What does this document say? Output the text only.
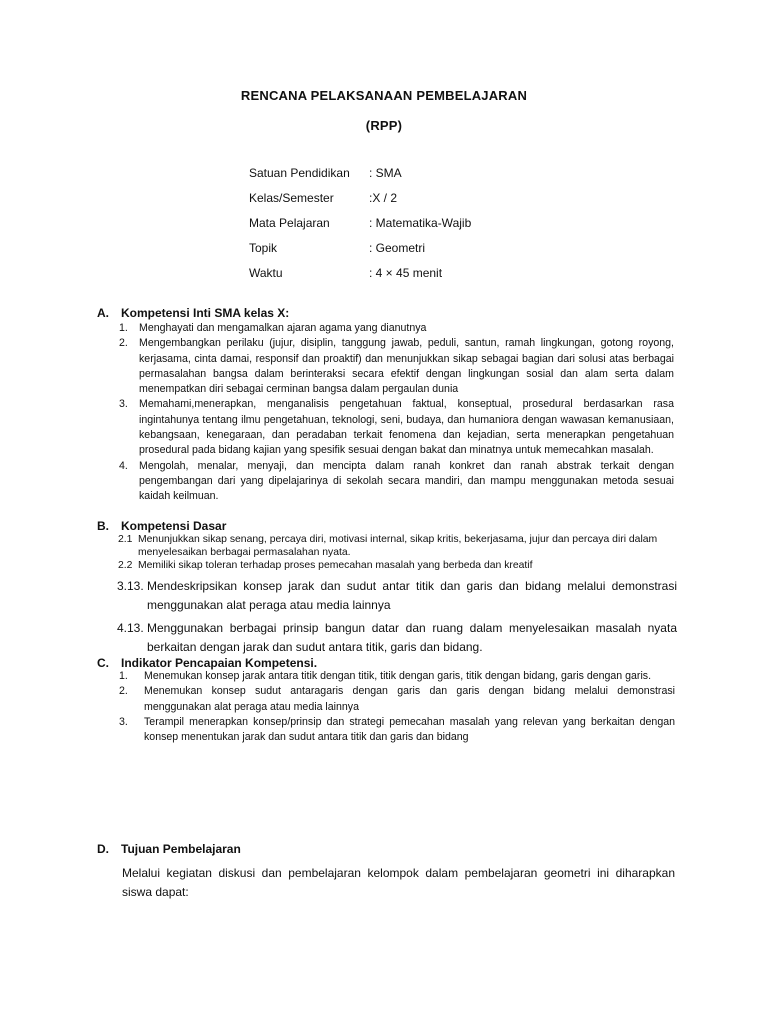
RENCANA PELAKSANAAN PEMBELAJARAN
(RPP)
Satuan Pendidikan	: SMA
Kelas/Semester	:X / 2
Mata Pelajaran	: Matematika-Wajib
Topik	: Geometri
Waktu	: 4 × 45 menit
A.	Kompetensi Inti SMA kelas X:
1.	Menghayati dan mengamalkan ajaran agama yang dianutnya
2.	Mengembangkan perilaku (jujur, disiplin, tanggung jawab, peduli, santun, ramah lingkungan, gotong royong, kerjasama, cinta damai, responsif dan proaktif) dan menunjukkan sikap sebagai bagian dari solusi atas berbagai permasalahan bangsa dalam berinteraksi secara efektif dengan lingkungan sosial dan alam serta dalam menempatkan diri sebagai cerminan bangsa dalam pergaulan dunia
3.	Memahami,menerapkan, menganalisis pengetahuan faktual, konseptual, prosedural berdasarkan rasa ingintahunya tentang ilmu pengetahuan, teknologi, seni, budaya, dan humaniora dengan wawasan kemanusiaan, kebangsaan, kenegaraan, dan peradaban terkait fenomena dan kejadian, serta menerapkan pengetahuan prosedural pada bidang kajian yang spesifik sesuai dengan bakat dan minatnya untuk memecahkan masalah.
4.	Mengolah, menalar, menyaji, dan mencipta dalam ranah konkret dan ranah abstrak terkait dengan pengembangan dari yang dipelajarinya di sekolah secara mandiri, dan mampu menggunakan metoda sesuai kaidah keilmuan.
B.	Kompetensi Dasar
2.1 Menunjukkan sikap senang, percaya diri, motivasi internal, sikap kritis, bekerjasama, jujur dan percaya diri dalam menyelesaikan berbagai permasalahan nyata.
2.2 Memiliki sikap toleran terhadap proses pemecahan masalah yang berbeda dan kreatif
3.13. Mendeskripsikan konsep jarak dan sudut antar titik dan garis dan bidang melalui demonstrasi menggunakan alat peraga atau media lainnya
4.13. Menggunakan berbagai prinsip bangun datar dan ruang dalam menyelesaikan masalah nyata berkaitan dengan jarak dan sudut antara titik, garis dan bidang.
C.	Indikator Pencapaian Kompetensi.
1.	Menemukan konsep jarak antara titik dengan titik, titik dengan garis, titik dengan bidang, garis dengan garis.
2.	Menemukan konsep sudut antaragaris dengan garis dan garis dengan bidang melalui demonstrasi menggunakan alat peraga atau media lainnya
3.	Terampil menerapkan konsep/prinsip dan strategi pemecahan masalah yang relevan yang berkaitan dengan konsep menentukan jarak dan sudut antara titik dan garis dan bidang
D.	Tujuan Pembelajaran
Melalui kegiatan diskusi dan pembelajaran kelompok dalam pembelajaran geometri ini diharapkan siswa dapat:
